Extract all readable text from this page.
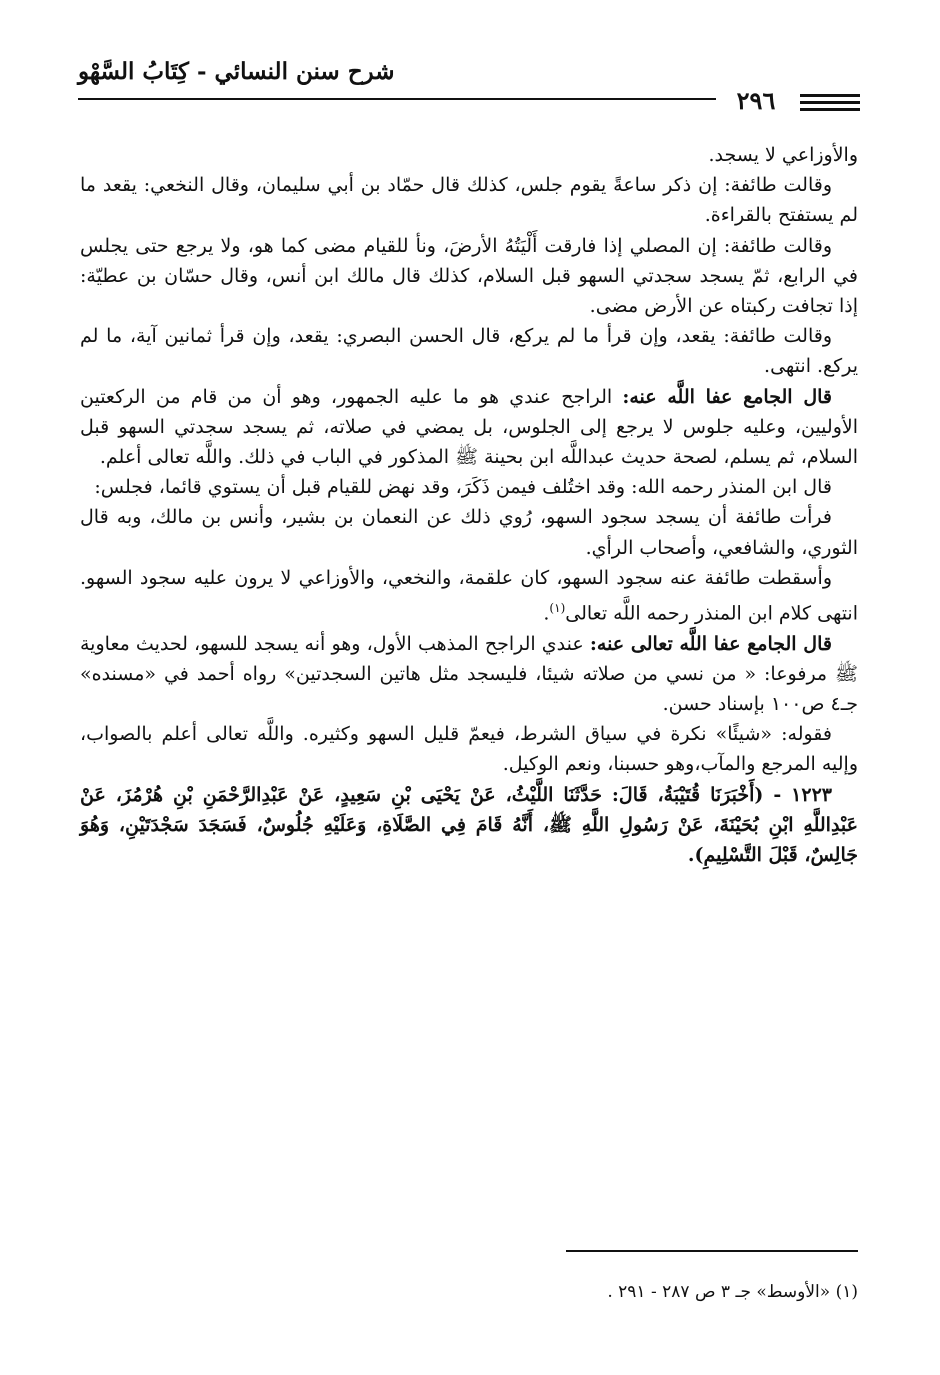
شرح سنن النسائي - كِتَابُ السَّهْو
٢٩٦

والأوزاعي لا يسجد.

وقالت طائفة: إن ذكر ساعةً يقوم جلس، كذلك قال حمّاد بن أبي سليمان، وقال النخعي: يقعد ما لم يستفتح بالقراءة.

وقالت طائفة: إن المصلي إذا فارقت أَلْيَتُهُ الأرضَ، ونأ للقيام مضى كما هو، ولا يرجع حتى يجلس في الرابع، ثمّ يسجد سجدتي السهو قبل السلام، كذلك قال مالك ابن أنس، وقال حسّان بن عطيّة: إذا تجافت ركبتاه عن الأرض مضى.

وقالت طائفة: يقعد، وإن قرأ ما لم يركع، قال الحسن البصري: يقعد، وإن قرأ ثمانين آية، ما لم يركع. انتهى.

قال الجامع عفا اللَّه عنه: الراجح عندي هو ما عليه الجمهور، وهو أن من قام من الركعتين الأوليين، وعليه جلوس لا يرجع إلى الجلوس، بل يمضي في صلاته، ثم يسجد سجدتي السهو قبل السلام، ثم يسلم، لصحة حديث عبداللَّه ابن بحينة ﷺ المذكور في الباب في ذلك. واللَّه تعالى أعلم.

قال ابن المنذر رحمه الله: وقد اختُلف فيمن ذَكَرَ، وقد نهض للقيام قبل أن يستوي قائما، فجلس:

فرأت طائفة أن يسجد سجود السهو، رُوي ذلك عن النعمان بن بشير، وأنس بن مالك، وبه قال الثوري، والشافعي، وأصحاب الرأي.

وأسقطت طائفة عنه سجود السهو، كان علقمة، والنخعي، والأوزاعي لا يرون عليه سجود السهو. انتهى كلام ابن المنذر رحمه اللَّه تعالى$^{(١)}$.

قال الجامع عفا اللَّه تعالى عنه: عندي الراجح المذهب الأول، وهو أنه يسجد للسهو، لحديث معاوية ﷺ مرفوعا: « من نسي من صلاته شيئا، فليسجد مثل هاتين السجدتين» رواه أحمد في «مسنده» جـ٤ ص١٠٠ بإسناد حسن.

فقوله: «شيئًا» نكرة في سياق الشرط، فيعمّ قليل السهو وكثيره. واللَّه تعالى أعلم بالصواب، وإليه المرجع والمآب،وهو حسبنا، ونعم الوكيل.

١٢٢٣ - (أَخْبَرَنَا قُتَيْبَةُ، قَالَ: حَدَّثَنَا اللَّيْثُ، عَنْ يَحْيَى بْنِ سَعِيدٍ، عَنْ عَبْدِالرَّحْمَنِ بْنِ هُرْمُزَ، عَنْ عَبْدِاللَّهِ ابْنِ بُحَيْنَةَ، عَنْ رَسُولِ اللَّهِ ﷺ، أَنَّهُ قَامَ فِي الصَّلَاةِ، وَعَلَيْهِ جُلُوسٌ، فَسَجَدَ سَجْدَتَيْنِ، وَهُوَ جَالِسٌ، قَبْلَ التَّسْلِيمِ).

(١) «الأوسط» جـ ٣ ص ٢٨٧ - ٢٩١ .
